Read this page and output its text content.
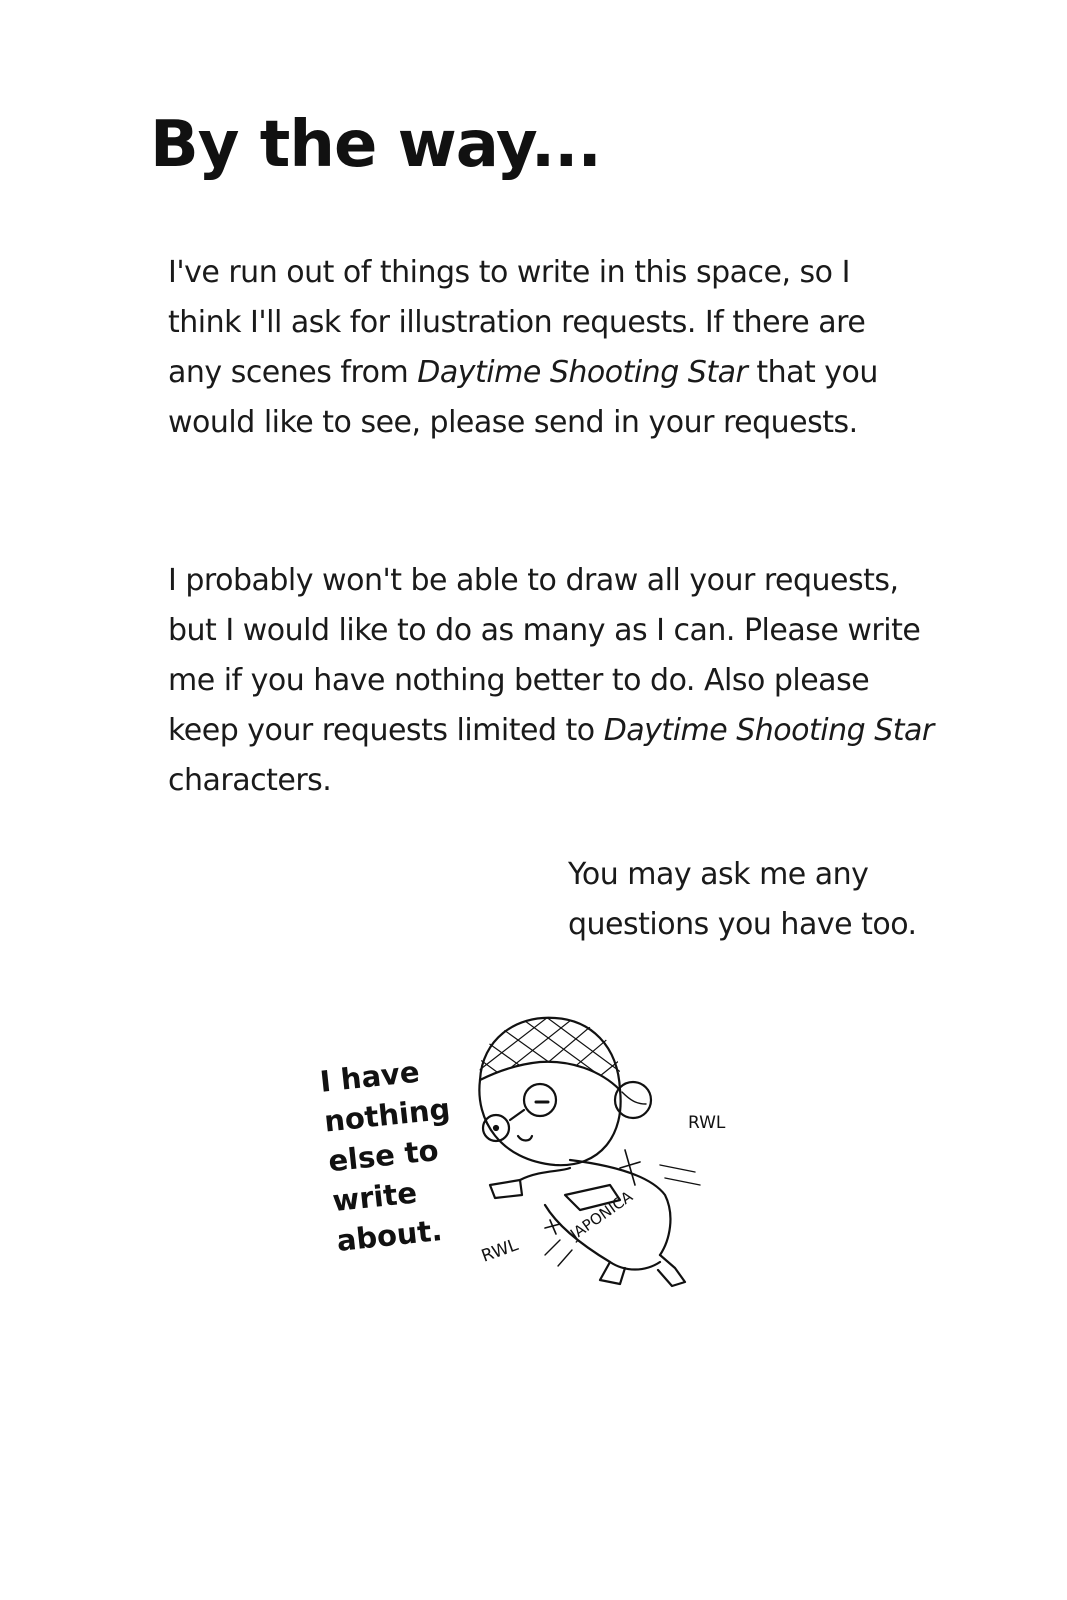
By the way...

I've run out of things to write in this space, so I
think I'll ask for illustration requests. If there are
any scenes from Daytime Shooting Star that you
would like to see, please send in your requests.

I probably won't be able to draw all your requests,
but I would like to do as many as I can. Please write
me if you have nothing better to do. Also please
keep your requests limited to Daytime Shooting Star
characters.

You may ask me any
questions you have too.

I have
nothing
else to
write
about.	JAPONICA
RWL
RWL
